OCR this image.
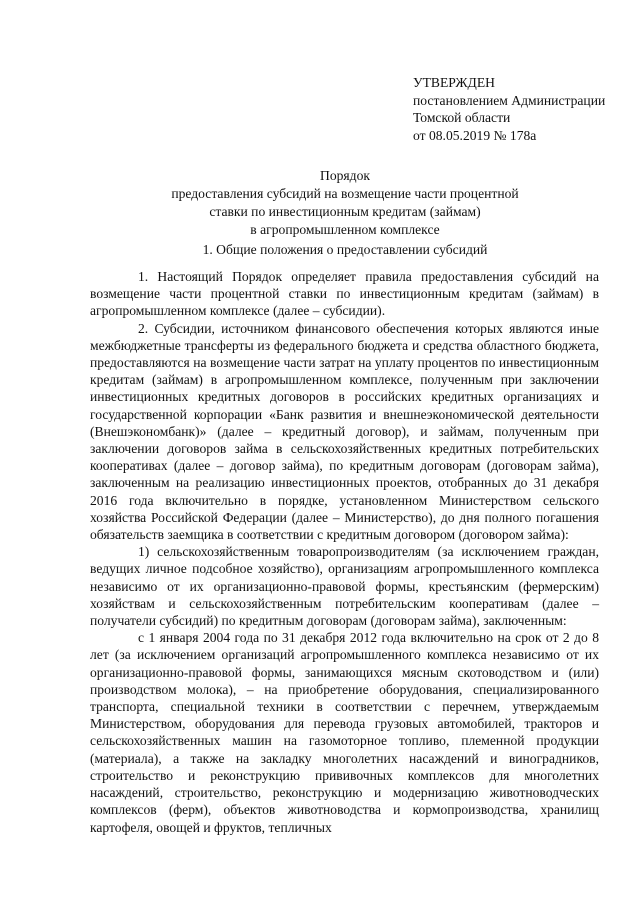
УТВЕРЖДЕН
постановлением Администрации
Томской области
от 08.05.2019 № 178а
Порядок
предоставления субсидий на возмещение части процентной
ставки по инвестиционным кредитам (займам)
в агропромышленном комплексе
1. Общие положения о предоставлении субсидий

1. Настоящий Порядок определяет правила предоставления субсидий на возмещение части процентной ставки по инвестиционным кредитам (займам) в агропромышленном комплексе (далее – субсидии).

2. Субсидии, источником финансового обеспечения которых являются иные межбюджетные трансферты из федерального бюджета и средства областного бюджета, предоставляются на возмещение части затрат на уплату процентов по инвестиционным кредитам (займам) в агропромышленном комплексе, полученным при заключении инвестиционных кредитных договоров в российских кредитных организациях и государственной корпорации «Банк развития и внешнеэкономической деятельности (Внешэкономбанк)» (далее – кредитный договор), и займам, полученным при заключении договоров займа в сельскохозяйственных кредитных потребительских кооперативах (далее – договор займа), по кредитным договорам (договорам займа), заключенным на реализацию инвестиционных проектов, отобранных до 31 декабря 2016 года включительно в порядке, установленном Министерством сельского хозяйства Российской Федерации (далее – Министерство), до дня полного погашения обязательств заемщика в соответствии с кредитным договором (договором займа):

1) сельскохозяйственным товаропроизводителям (за исключением граждан, ведущих личное подсобное хозяйство), организациям агропромышленного комплекса независимо от их организационно-правовой формы, крестьянским (фермерским) хозяйствам и сельскохозяйственным потребительским кооперативам (далее – получатели субсидий) по кредитным договорам (договорам займа), заключенным:

с 1 января 2004 года по 31 декабря 2012 года включительно на срок от 2 до 8 лет (за исключением организаций агропромышленного комплекса независимо от их организационно-правовой формы, занимающихся мясным скотоводством и (или) производством молока), – на приобретение оборудования, специализированного транспорта, специальной техники в соответствии с перечнем, утверждаемым Министерством, оборудования для перевода грузовых автомобилей, тракторов и сельскохозяйственных машин на газомоторное топливо, племенной продукции (материала), а также на закладку многолетних насаждений и виноградников, строительство и реконструкцию прививочных комплексов для многолетних насаждений, строительство, реконструкцию и модернизацию животноводческих комплексов (ферм), объектов животноводства и кормопроизводства, хранилищ картофеля, овощей и фруктов, тепличных
